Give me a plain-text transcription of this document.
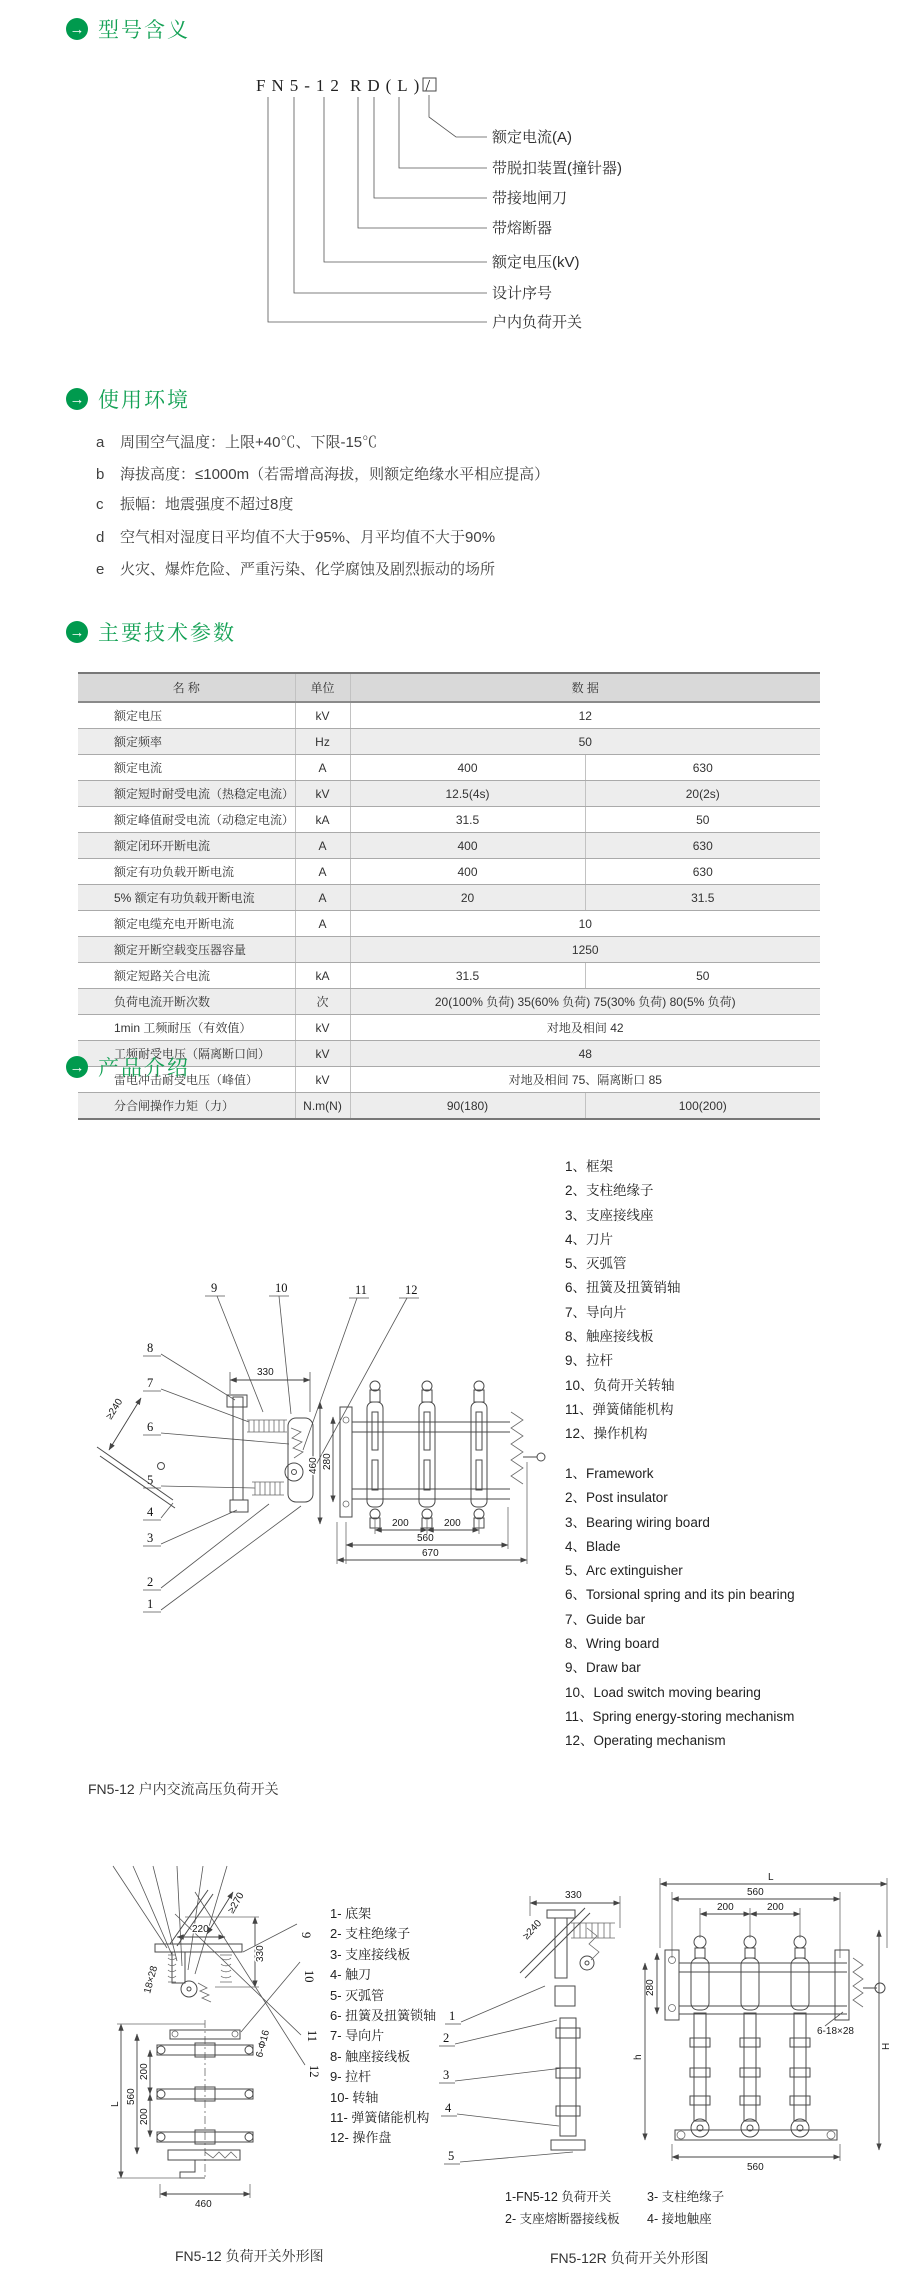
→ 型号含义
FN5-12 RD(L)/
额定电流(A)
带脱扣装置(撞针器)
带接地闸刀
带熔断器
额定电压(kV)
设计序号
户内负荷开关
→ 使用环境
a 周围空气温度：上限+40℃、下限-15℃
b 海拔高度：≤1000m（若需增高海拔，则额定绝缘水平相应提高）
c 振幅：地震强度不超过8度
d 空气相对湿度日平均值不大于95%、月平均值不大于90%
e 火灾、爆炸危险、严重污染、化学腐蚀及剧烈振动的场所
→ 主要技术参数
名 称	单位	数 据	
额定电压	kV	12	
额定频率	Hz	50	
额定电流	A	400	630
额定短时耐受电流（热稳定电流）	kV	12.5(4s)	20(2s)
额定峰值耐受电流（动稳定电流）	kA	31.5	50
额定闭环开断电流	A	400	630
额定有功负载开断电流	A	400	630
5% 额定有功负载开断电流	A	20	31.5
额定电缆充电开断电流	A	10	
额定开断空载变压器容量		1250	
额定短路关合电流	kA	31.5	50
负荷电流开断次数	次	20(100% 负荷) 35(60% 负荷) 75(30% 负荷) 80(5% 负荷)	
1min 工频耐压（有效值）	kV	对地及相间 42	
工频耐受电压（隔离断口间）	kV	48	
雷电冲击耐受电压（峰值）	kV	对地及相间 75、隔离断口 85	
分合闸操作力矩（力）	N.m(N)	90(180)	100(200)
→ 产品介绍
1、框架
2、支柱绝缘子
3、支座接线座
4、刀片
5、灭弧管
6、扭簧及扭簧销轴
7、导向片
8、触座接线板
9、拉杆
10、负荷开关转轴
11、弹簧储能机构
12、操作机构
1、Framework
2、Post insulator
3、Bearing wiring board
4、Blade
5、Arc extinguisher
6、Torsional spring and its pin bearing
7、Guide bar
8、Wring board
9、Draw bar
10、Load switch moving bearing
11、Spring energy-storing mechanism
12、Operating mechanism
9	10	11	12
8
7
6
5
4
3
2
1
330
≥240
200	200
560
670
460 280
FN5-12 户内交流高压负荷开关
220
≥270
330
18×28
200
200
560
L
460
6-Φ16
9
10
11
12
1- 底架
2- 支柱绝缘子
3- 支座接线板
4- 触刀
5- 灭弧管
6- 扭簧及扭簧锁轴
7- 导向片
8- 触座接线板
9- 拉杆
10- 转轴
11- 弹簧储能机构
12- 操作盘
1
2
3
4
5
330
≥240
L
560
200	200
280
h
H
6-18×28
560
1-FN5-12 负荷开关
2- 支座熔断器接线板
3- 支柱绝缘子
4- 接地触座
FN5-12 负荷开关外形图	FN5-12R 负荷开关外形图
